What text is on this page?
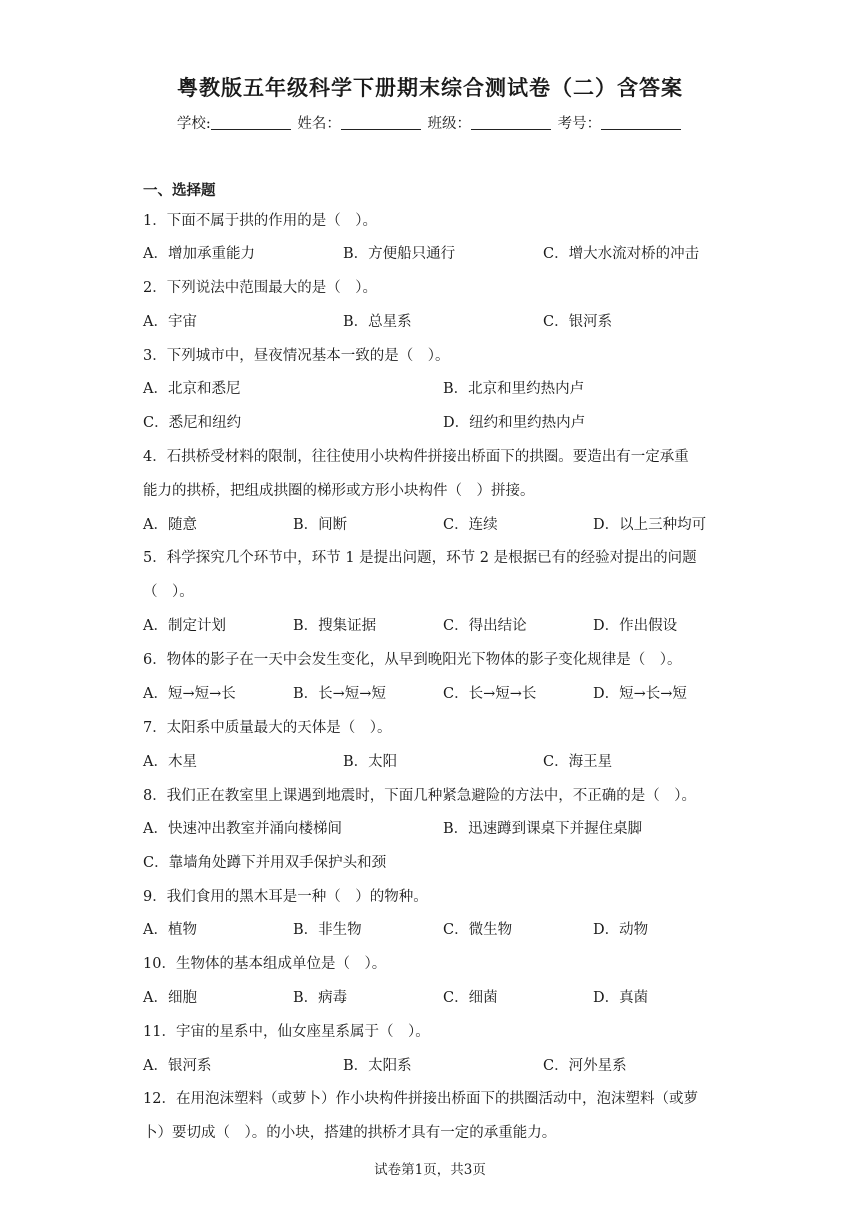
粤教版五年级科学下册期末综合测试卷（二）含答案
学校:	姓名：	班级：	考号：
一、选择题
1．下面不属于拱的作用的是（　）。
A．增加承重能力	B．方便船只通行	C．增大水流对桥的冲击
2．下列说法中范围最大的是（　）。
A．宇宙	B．总星系	C．银河系
3．下列城市中，昼夜情况基本一致的是（　）。
A．北京和悉尼	B．北京和里约热内卢
C．悉尼和纽约	D．纽约和里约热内卢
4．石拱桥受材料的限制，往往使用小块构件拼接出桥面下的拱圈。要造出有一定承重
能力的拱桥，把组成拱圈的梯形或方形小块构件（　）拼接。
A．随意	B．间断	C．连续	D．以上三种均可
5．科学探究几个环节中，环节 1 是提出问题，环节 2 是根据已有的经验对提出的问题
（　）。
A．制定计划	B．搜集证据	C．得出结论	D．作出假设
6．物体的影子在一天中会发生变化，从早到晚阳光下物体的影子变化规律是（　）。
A．短→短→长	B．长→短→短	C．长→短→长	D．短→长→短
7．太阳系中质量最大的天体是（　）。
A．木星	B．太阳	C．海王星
8．我们正在教室里上课遇到地震时，下面几种紧急避险的方法中，不正确的是（　）。
A．快速冲出教室并涌向楼梯间	B．迅速蹲到课桌下并握住桌脚
C．靠墙角处蹲下并用双手保护头和颈
9．我们食用的黑木耳是一种（　）的物种。
A．植物	B．非生物	C．微生物	D．动物
10．生物体的基本组成单位是（　）。
A．细胞	B．病毒	C．细菌	D．真菌
11．宇宙的星系中，仙女座星系属于（　）。
A．银河系	B．太阳系	C．河外星系
12．在用泡沫塑料（或萝卜）作小块构件拼接出桥面下的拱圈活动中，泡沫塑料（或萝
卜）要切成（　）。的小块，搭建的拱桥才具有一定的承重能力。
试卷第1页，共3页
